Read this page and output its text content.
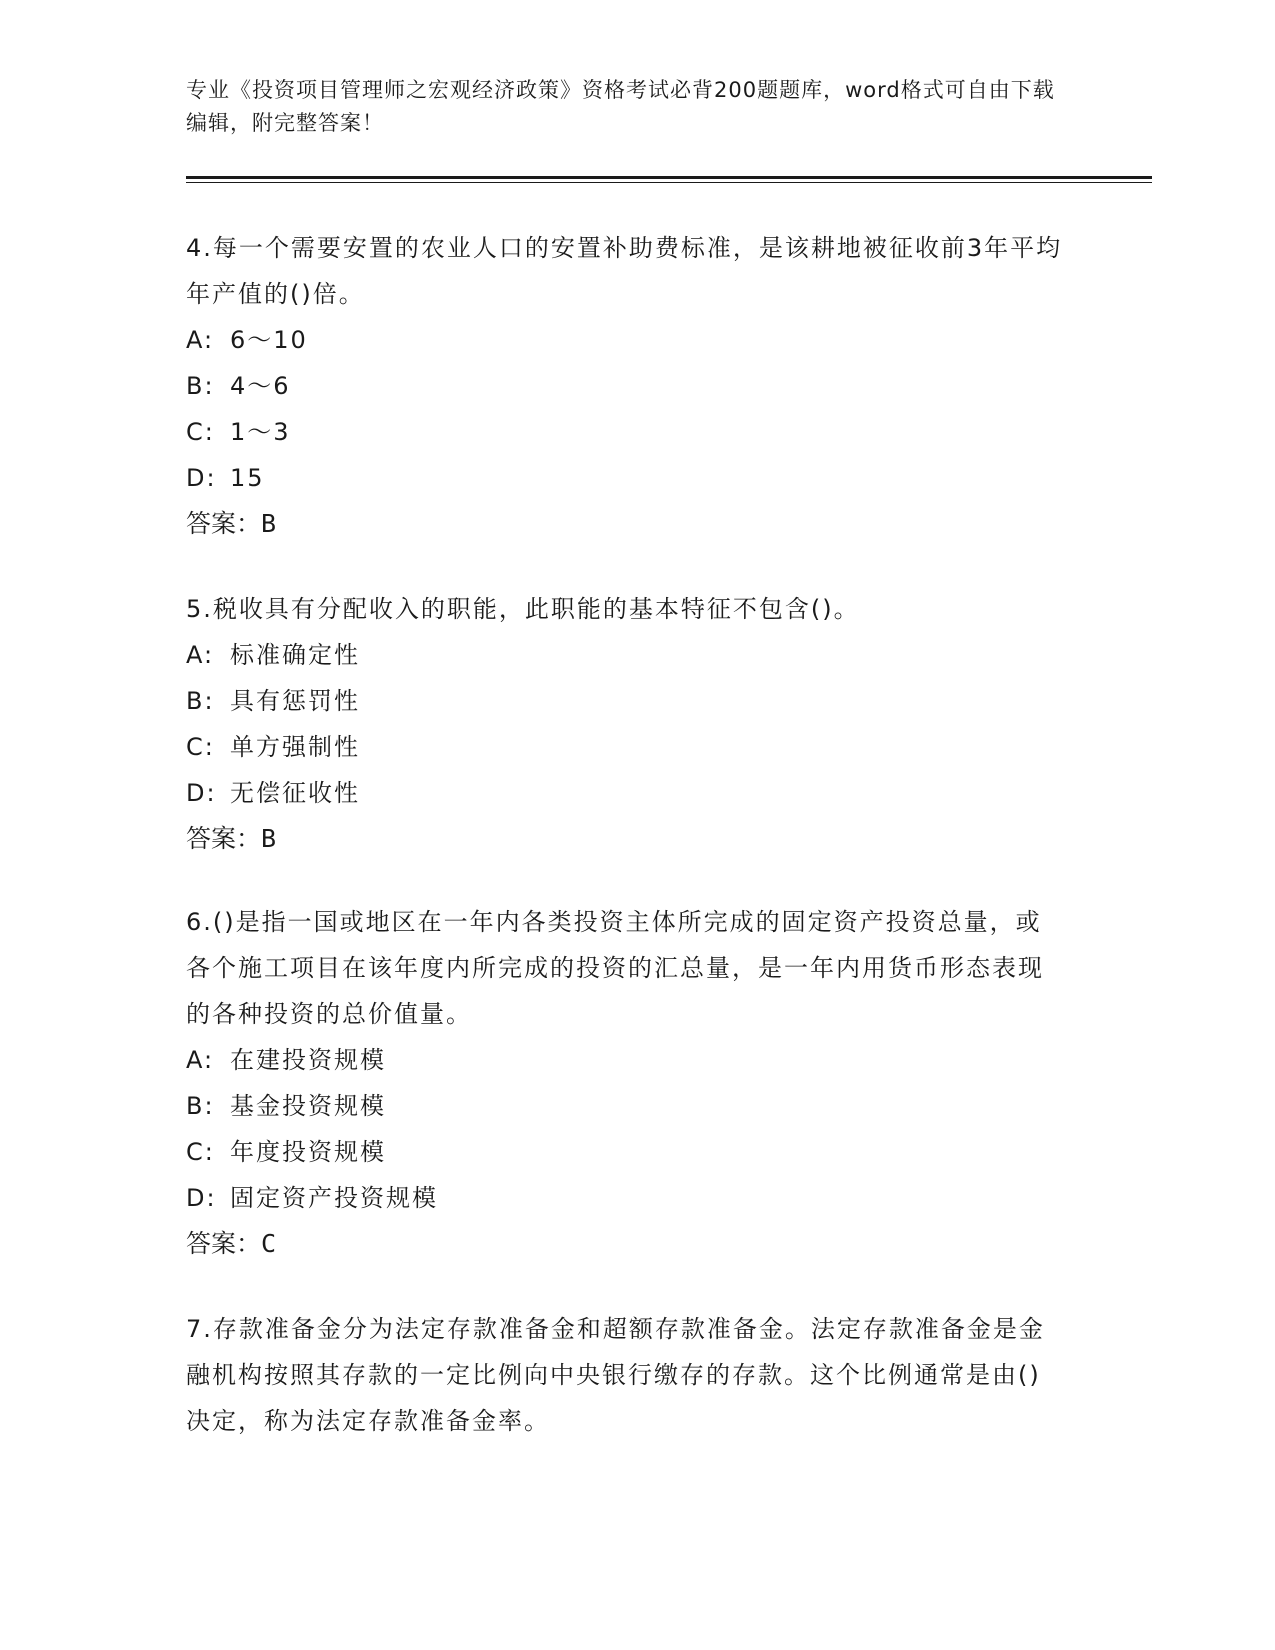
专业《投资项目管理师之宏观经济政策》资格考试必背200题题库，word格式可自由下载编辑，附完整答案！

4.每一个需要安置的农业人口的安置补助费标准，是该耕地被征收前3年平均年产值的()倍。

A: 6～10

B: 4～6

C: 1～3

D: 15

答案：B

5.税收具有分配收入的职能，此职能的基本特征不包含()。

A: 标准确定性

B: 具有惩罚性

C: 单方强制性

D: 无偿征收性

答案：B

6.()是指一国或地区在一年内各类投资主体所完成的固定资产投资总量，或各个施工项目在该年度内所完成的投资的汇总量，是一年内用货币形态表现的各种投资的总价值量。

A: 在建投资规模

B: 基金投资规模

C: 年度投资规模

D: 固定资产投资规模

答案：C

7.存款准备金分为法定存款准备金和超额存款准备金。法定存款准备金是金融机构按照其存款的一定比例向中央银行缴存的存款。这个比例通常是由()决定，称为法定存款准备金率。
